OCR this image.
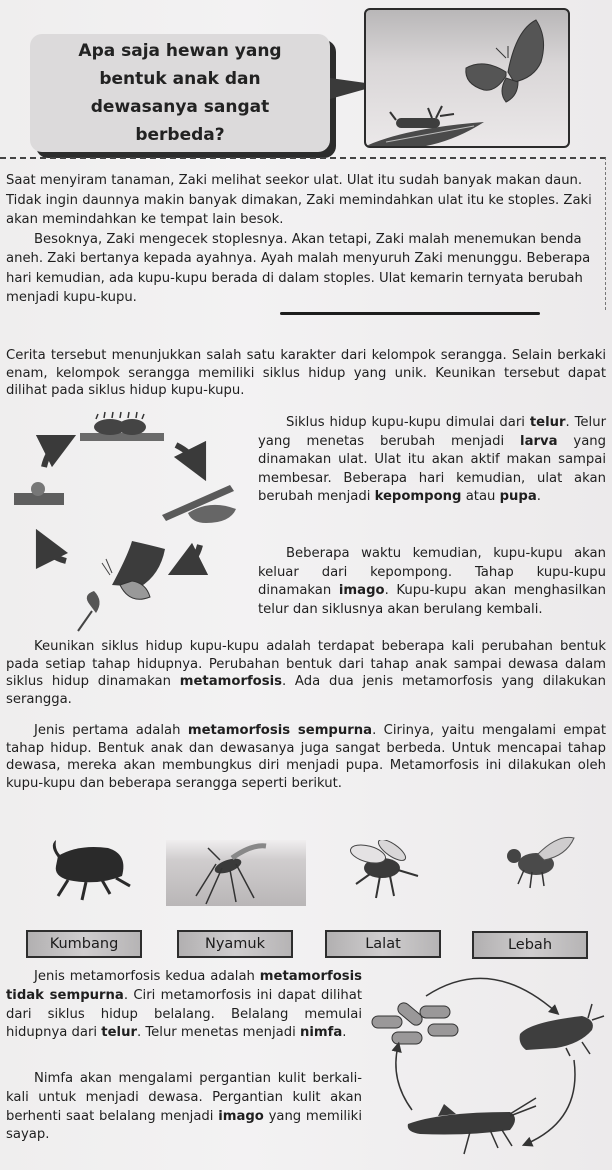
Apa saja hewan yang bentuk anak dan dewasanya sangat berbeda?

Saat menyiram tanaman, Zaki melihat seekor ulat. Ulat itu sudah banyak makan daun. Tidak ingin daunnya makin banyak dimakan, Zaki memindahkan ulat itu ke stoples. Zaki akan memindahkan ke tempat lain besok.

Besoknya, Zaki mengecek stoplesnya. Akan tetapi, Zaki malah menemukan benda aneh. Zaki bertanya kepada ayahnya. Ayah malah menyuruh Zaki menunggu. Beberapa hari kemudian, ada kupu-kupu berada di dalam stoples. Ulat kemarin ternyata berubah menjadi kupu-kupu.

Cerita tersebut menunjukkan salah satu karakter dari kelompok serangga. Selain berkaki enam, kelompok serangga memiliki siklus hidup yang unik. Keunikan tersebut dapat dilihat pada siklus hidup kupu-kupu.
Siklus hidup kupu-kupu dimulai dari telur. Telur yang menetas berubah menjadi larva yang dinamakan ulat. Ulat itu akan aktif makan sampai membesar. Beberapa hari kemudian, ulat akan berubah menjadi kepompong atau pupa.
Beberapa waktu kemudian, kupu-kupu akan keluar dari kepompong. Tahap kupu-kupu dinamakan imago. Kupu-kupu akan menghasilkan telur dan siklusnya akan berulang kembali.
Keunikan siklus hidup kupu-kupu adalah terdapat beberapa kali perubahan bentuk pada setiap tahap hidupnya. Perubahan bentuk dari tahap anak sampai dewasa dalam siklus hidup dinamakan metamorfosis. Ada dua jenis metamorfosis yang dilakukan serangga.
Jenis pertama adalah metamorfosis sempurna. Cirinya, yaitu mengalami empat tahap hidup. Bentuk anak dan dewasanya juga sangat berbeda. Untuk mencapai tahap dewasa, mereka akan membungkus diri menjadi pupa. Metamorfosis ini dilakukan oleh kupu-kupu dan beberapa serangga seperti berikut.
Kumbang	Nyamuk	Lalat	Lebah
Jenis metamorfosis kedua adalah metamorfosis tidak sempurna. Ciri metamorfosis ini dapat dilihat dari siklus hidup belalang. Belalang memulai hidupnya dari telur. Telur menetas menjadi nimfa.
Nimfa akan mengalami pergantian kulit berkali-kali untuk menjadi dewasa. Pergantian kulit akan berhenti saat belalang menjadi imago yang memiliki sayap.
